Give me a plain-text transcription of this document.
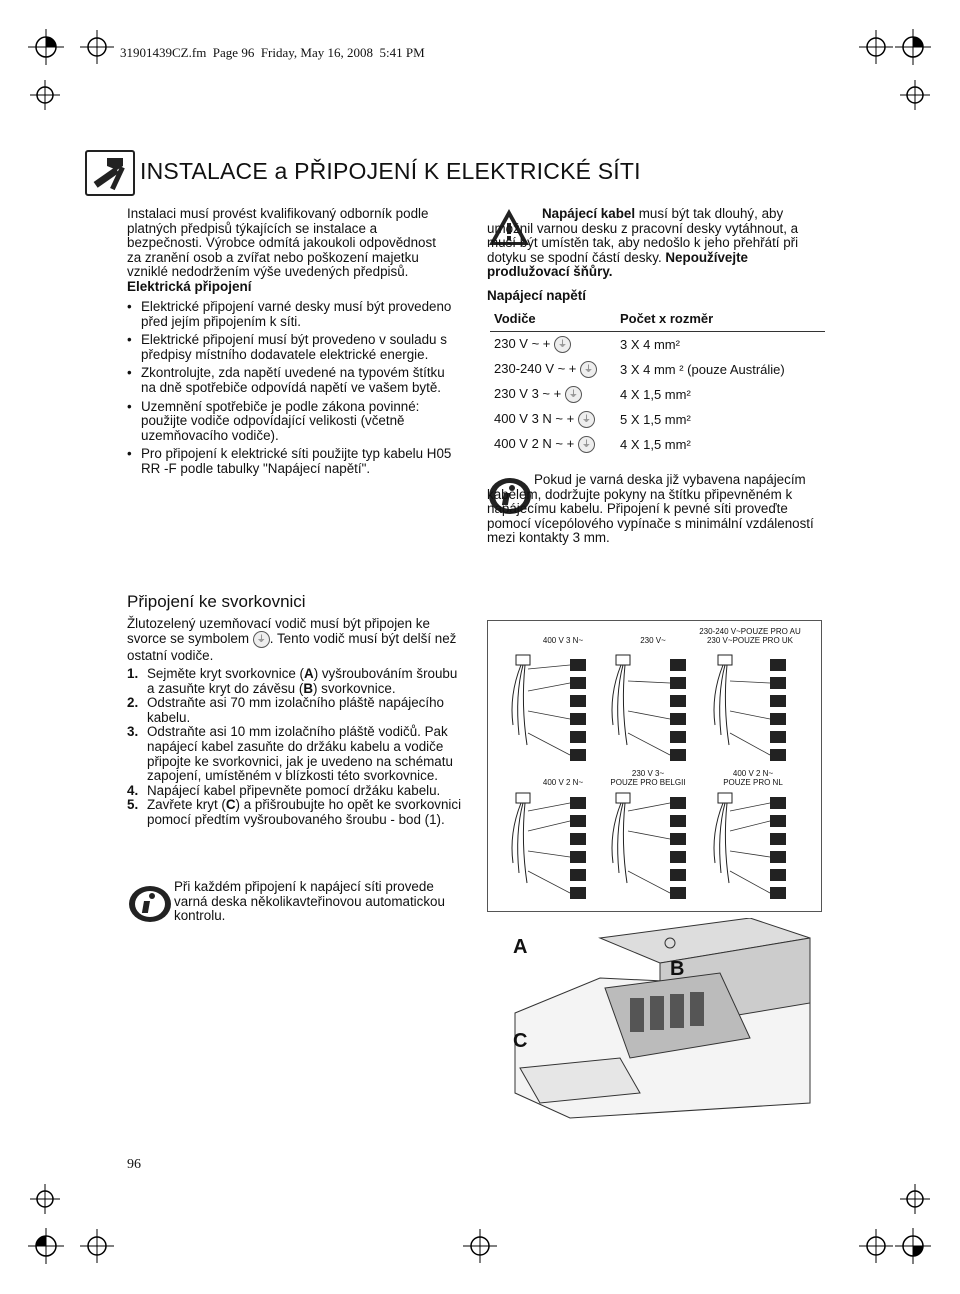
31901439CZ.fm  Page 96  Friday, May 16, 2008  5:41 PM
INSTALACE a PŘIPOJENÍ K ELEKTRICKÉ SÍTI
Instalaci musí provést kvalifikovaný odborník podle
platných předpisů týkajících se instalace a
bezpečnosti. Výrobce odmítá jakoukoli odpovědnost
za zranění osob a zvířat nebo poškození majetku
vzniklé nedodržením výše uvedených předpisů.
Elektrická připojení
• Elektrické připojení varné desky musí být provedeno před jejím připojením k síti.
• Elektrické připojení musí být provedeno v souladu s předpisy místního dodavatele elektrické energie.
• Zkontrolujte, zda napětí uvedené na typovém štítku na dně spotřebiče odpovídá napětí ve vašem bytě.
• Uzemnění spotřebiče je podle zákona povinné: použijte vodiče odpovídající velikosti (včetně uzemňovacího vodiče).
• Pro připojení k elektrické síti použijte typ kabelu H05 RR -F podle tabulky "Napájecí napětí".
Napájecí kabel musí být tak dlouhý, aby umožnil varnou desku z pracovní desky vytáhnout, a musí být umístěn tak, aby nedošlo k jeho přehřátí při dotyku se spodní částí desky. Nepoužívejte prodlužovací šňůry.
Napájecí napětí
Vodiče	Počet x rozměr
230 V ~ + ⏚	3 X 4 mm²
230-240 V ~ + ⏚	3 X 4 mm ² (pouze Austrálie)
230 V 3 ~ + ⏚	4 X 1,5 mm²
400 V 3 N ~ + ⏚	5 X 1,5 mm²
400 V 2 N ~ + ⏚	4 X 1,5 mm²
Pokud je varná deska již vybavena napájecím kabelem, dodržujte pokyny na štítku připevněném k napájecímu kabelu. Připojení k pevné síti proveďte pomocí vícepólového vypínače s minimální vzdáleností mezi kontakty 3 mm.
Připojení ke svorkovnici
Žlutozelený uzemňovací vodič musí být připojen ke svorce se symbolem ⏚ . Tento vodič musí být delší než ostatní vodiče.
1. Sejměte kryt svorkovnice (A) vyšroubováním šroubu a zasuňte kryt do závěsu (B) svorkovnice.
2. Odstraňte asi 70 mm izolačního pláště napájecího kabelu.
3. Odstraňte asi 10 mm izolačního pláště vodičů. Pak napájecí kabel zasuňte do držáku kabelu a vodiče připojte ke svorkovnici, jak je uvedeno na schématu zapojení, umístěném v blízkosti této svorkovnice.
4. Napájecí kabel připevněte pomocí držáku kabelu.
5. Zavřete kryt (C) a přišroubujte ho opět ke svorkovnici pomocí předtím vyšroubovaného šroubu - bod (1).
Při každém připojení k napájecí síti provede varná deska několikavteřinovou automatickou kontrolu.
400 V 3 N~	230 V~
230-240 V~POUZE PRO AU
230 V~POUZE PRO UK
400 V 2 N~
230 V 3~
POUZE PRO BELGII
400 V 2 N~
POUZE PRO NL
A
B
C
96
